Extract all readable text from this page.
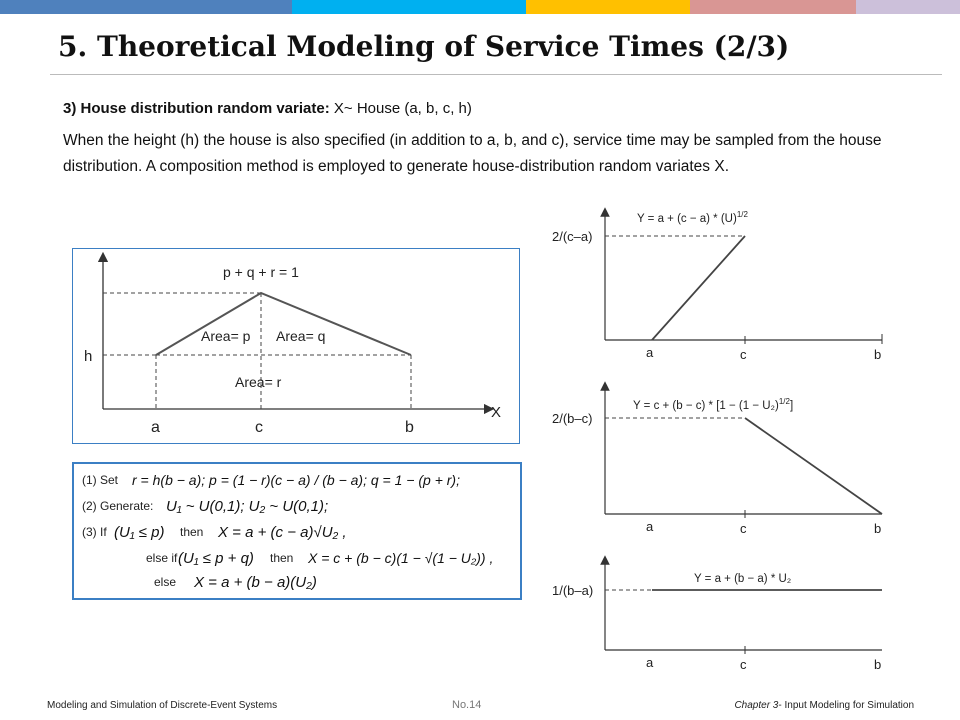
5. Theoretical Modeling of Service Times (2/3)
3) House distribution random variate: X~ House (a, b, c, h)

When the height (h) the house is also specified (in addition to a, b, and c), service time may be sampled from the house distribution. A composition method is employed to generate house-distribution random variates X.

p + q + r = 1
Area= p Area= q
Area= r
h
X
a	c	b
(1) Set
(2) Generate:
(3) If	then
else if	then
else
r = h(b − a); p = (1 − r)(c − a) / (b − a); q = 1 − (p + r);
U₁ ~ U(0,1); U₂ ~ U(0,1);
(U₁ ≤ p)	X = a + (c − a)√U₂ ,
(U₁ ≤ p + q)	X = c + (b − c)(1 − √(1 − U₂)) ,
X = a + (b − a)(U₂)
2/(c–a)
$Y = a + (c - a) * (U)^{1/2}$
a	c	b
2/(b–c)
$Y = c + (b - c) * [1 - (1 - U_2)^{1/2}]$
a	c	b
1/(b–a)
Y = a + (b − a) * U₂
a	c	b
Modeling and Simulation of Discrete-Event Systems	No.14	Chapter 3- Input Modeling for Simulation
